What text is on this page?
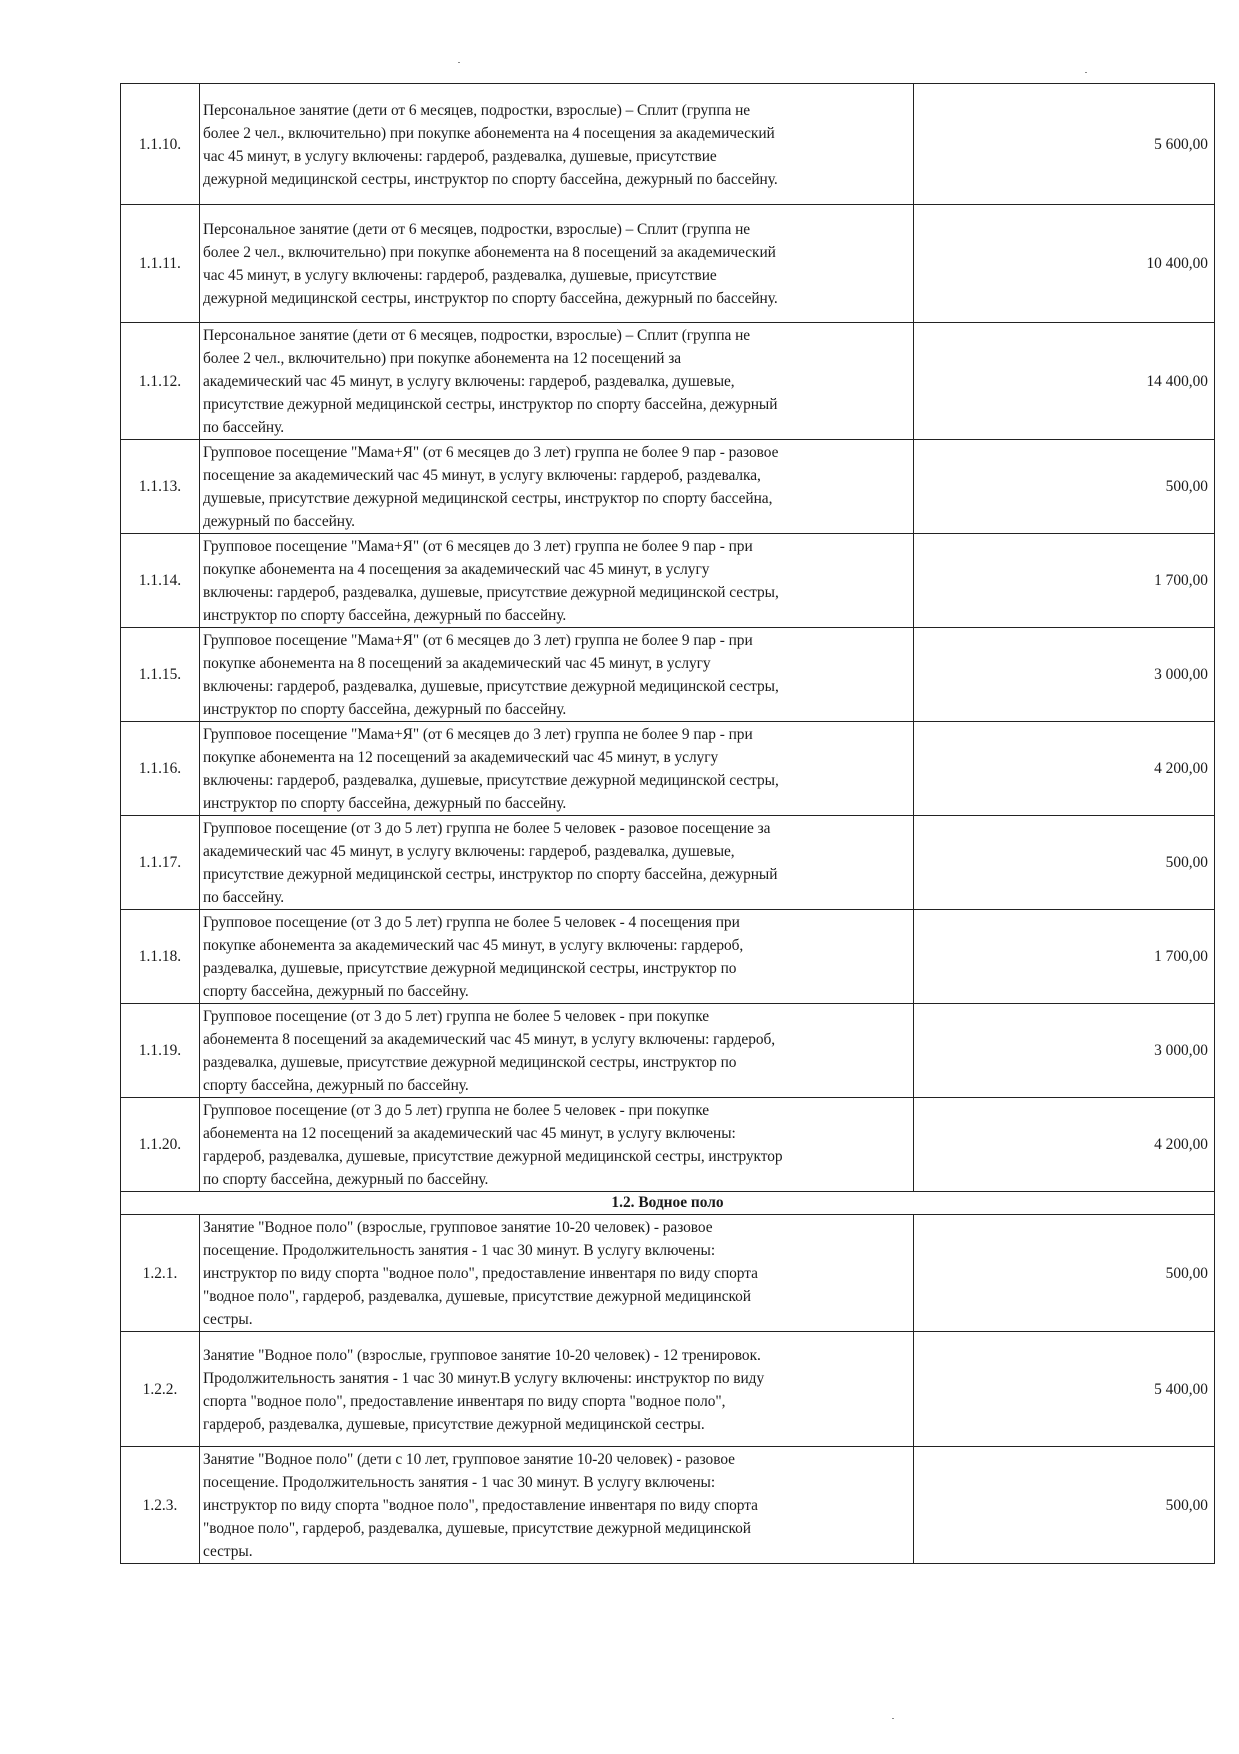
1.1.10.	Персональное занятие (дети от 6 месяцев, подростки, взрослые) – Сплит (группа не
более 2 чел., включительно) при покупке абонемента на 4 посещения за академический
час 45 минут, в услугу включены: гардероб, раздевалка, душевые, присутствие
дежурной медицинской сестры, инструктор по спорту бассейна, дежурный по бассейну.	5 600,00
1.1.11.	Персональное занятие (дети от 6 месяцев, подростки, взрослые) – Сплит (группа не
более 2 чел., включительно) при покупке абонемента на 8 посещений за академический
час 45 минут, в услугу включены: гардероб, раздевалка, душевые, присутствие
дежурной медицинской сестры, инструктор по спорту бассейна, дежурный по бассейну.	10 400,00
1.1.12.	Персональное занятие (дети от 6 месяцев, подростки, взрослые) – Сплит (группа не
более 2 чел., включительно) при покупке абонемента на 12 посещений за
академический час 45 минут, в услугу включены: гардероб, раздевалка, душевые,
присутствие дежурной медицинской сестры, инструктор по спорту бассейна, дежурный
по бассейну.	14 400,00
1.1.13.	Групповое посещение "Мама+Я" (от 6 месяцев до 3 лет) группа не более 9 пар - разовое
посещение за академический час 45 минут, в услугу включены: гардероб, раздевалка,
душевые, присутствие дежурной медицинской сестры, инструктор по спорту бассейна,
дежурный по бассейну.	500,00
1.1.14.	Групповое посещение "Мама+Я" (от 6 месяцев до 3 лет) группа не более 9 пар - при
покупке абонемента на 4 посещения за академический час 45 минут, в услугу
включены: гардероб, раздевалка, душевые, присутствие дежурной медицинской сестры,
инструктор по спорту бассейна, дежурный по бассейну.	1 700,00
1.1.15.	Групповое посещение "Мама+Я" (от 6 месяцев до 3 лет) группа не более 9 пар - при
покупке абонемента на 8 посещений за академический час 45 минут, в услугу
включены: гардероб, раздевалка, душевые, присутствие дежурной медицинской сестры,
инструктор по спорту бассейна, дежурный по бассейну.	3 000,00
1.1.16.	Групповое посещение "Мама+Я" (от 6 месяцев до 3 лет) группа не более 9 пар - при
покупке абонемента на 12 посещений за академический час 45 минут, в услугу
включены: гардероб, раздевалка, душевые, присутствие дежурной медицинской сестры,
инструктор по спорту бассейна, дежурный по бассейну.	4 200,00
1.1.17.	Групповое посещение (от 3 до 5 лет) группа не более 5 человек - разовое посещение за
академический час 45 минут, в услугу включены: гардероб, раздевалка, душевые,
присутствие дежурной медицинской сестры, инструктор по спорту бассейна, дежурный
по бассейну.	500,00
1.1.18.	Групповое посещение (от 3 до 5 лет) группа не более 5 человек - 4 посещения при
покупке абонемента за академический час 45 минут, в услугу включены: гардероб,
раздевалка, душевые, присутствие дежурной медицинской сестры, инструктор по
спорту бассейна, дежурный по бассейну.	1 700,00
1.1.19.	Групповое посещение (от 3 до 5 лет) группа не более 5 человек - при покупке
абонемента 8 посещений за академический час 45 минут, в услугу включены: гардероб,
раздевалка, душевые, присутствие дежурной медицинской сестры, инструктор по
спорту бассейна, дежурный по бассейну.	3 000,00
1.1.20.	Групповое посещение (от 3 до 5 лет) группа не более 5 человек - при покупке
абонемента на 12 посещений за академический час 45 минут, в услугу включены:
гардероб, раздевалка, душевые, присутствие дежурной медицинской сестры, инструктор
по спорту бассейна, дежурный по бассейну.	4 200,00
1.2. Водное поло		
1.2.1.	Занятие "Водное поло" (взрослые, групповое занятие 10-20 человек) - разовое
посещение. Продолжительность занятия - 1 час 30 минут. В услугу включены:
инструктор по виду спорта "водное поло", предоставление инвентаря по виду спорта
"водное поло", гардероб, раздевалка, душевые, присутствие дежурной медицинской
сестры.	500,00
1.2.2.	Занятие "Водное поло" (взрослые, групповое занятие 10-20 человек) - 12 тренировок.
Продолжительность занятия - 1 час 30 минут.В услугу включены: инструктор по виду
спорта "водное поло", предоставление инвентаря по виду спорта "водное поло",
гардероб, раздевалка, душевые, присутствие дежурной медицинской сестры.	5 400,00
1.2.3.	Занятие "Водное поло" (дети с 10 лет, групповое занятие 10-20 человек) - разовое
посещение. Продолжительность занятия - 1 час 30 минут. В услугу включены:
инструктор по виду спорта "водное поло", предоставление инвентаря по виду спорта
"водное поло", гардероб, раздевалка, душевые, присутствие дежурной медицинской
сестры.	500,00
